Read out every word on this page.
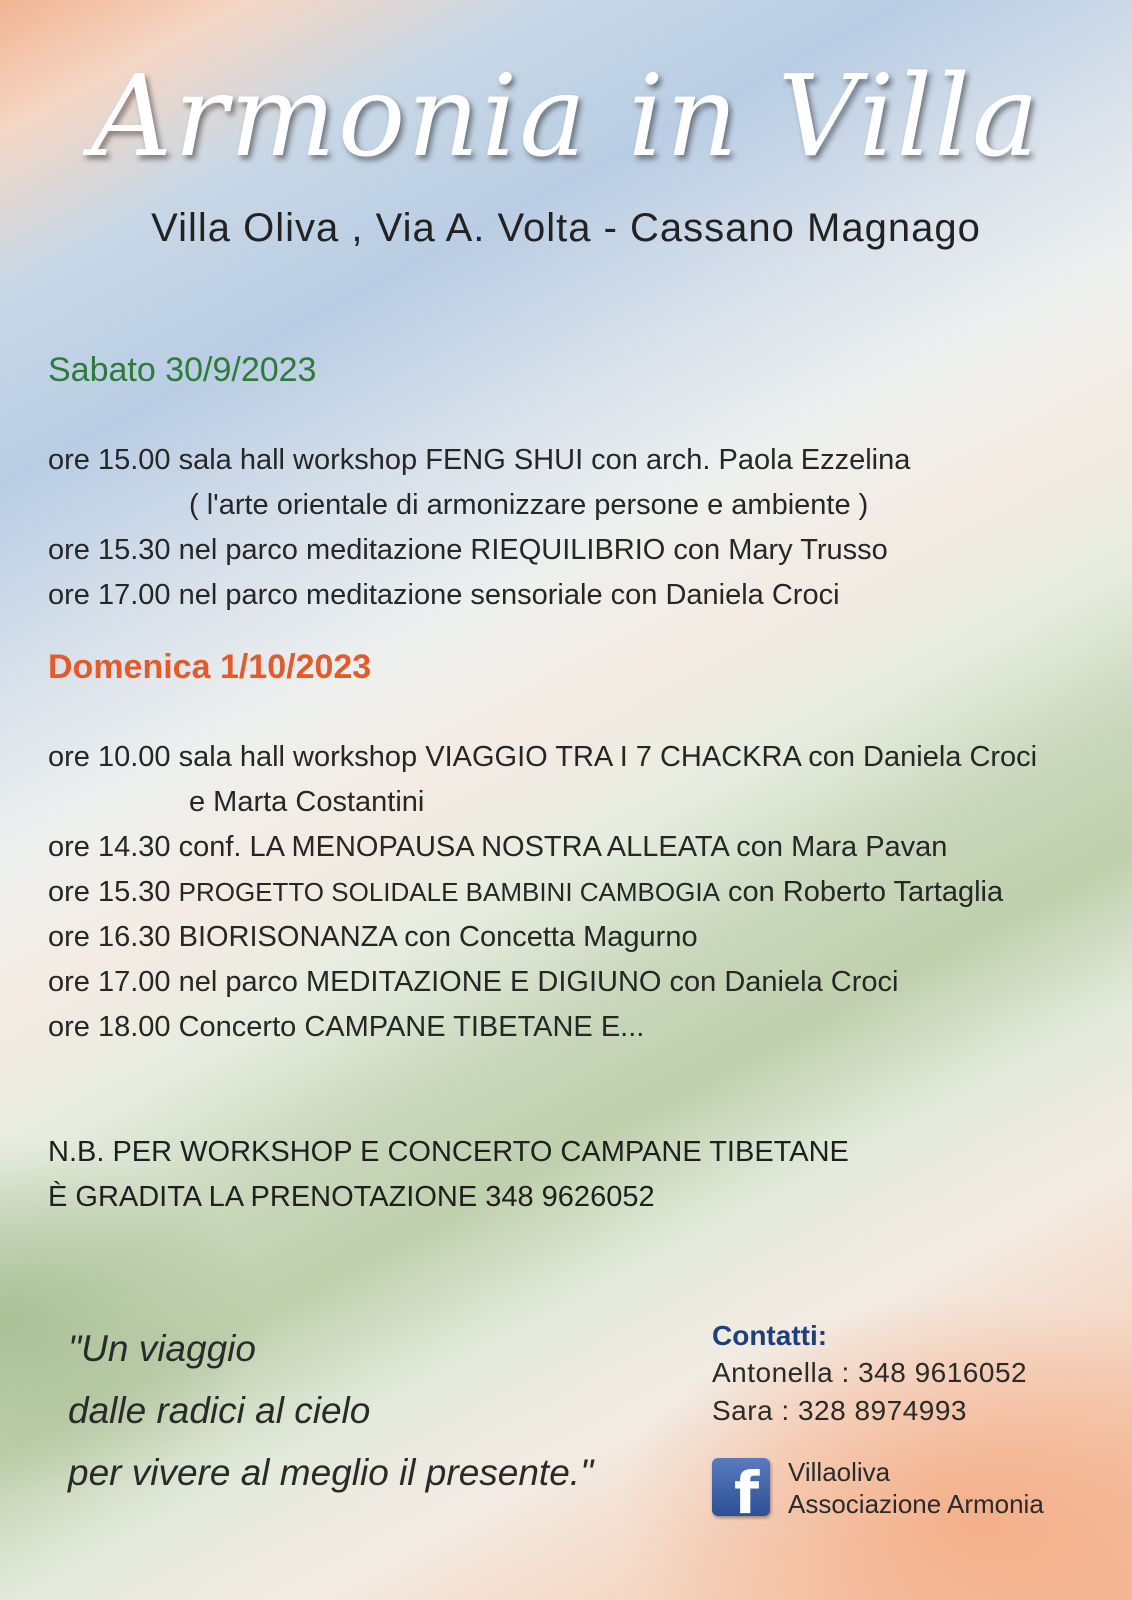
Armonia in Villa
Villa Oliva , Via A. Volta - Cassano Magnago
Sabato 30/9/2023
ore 15.00 sala hall workshop FENG SHUI con arch. Paola Ezzelina
( l'arte orientale di armonizzare persone e ambiente )
ore 15.30 nel parco meditazione RIEQUILIBRIO con Mary Trusso
ore 17.00 nel parco meditazione sensoriale con Daniela Croci
Domenica 1/10/2023
ore 10.00 sala hall workshop VIAGGIO TRA I 7 CHACKRA con Daniela Croci
e Marta Costantini
ore 14.30 conf. LA MENOPAUSA NOSTRA ALLEATA con Mara Pavan
ore 15.30 PROGETTO SOLIDALE BAMBINI CAMBOGIA con Roberto Tartaglia
ore 16.30 BIORISONANZA con Concetta Magurno
ore 17.00 nel parco MEDITAZIONE E DIGIUNO con Daniela Croci
ore 18.00 Concerto CAMPANE TIBETANE E...
N.B. PER WORKSHOP E CONCERTO CAMPANE TIBETANE
È GRADITA LA PRENOTAZIONE 348 9626052
"Un viaggio
dalle radici al cielo
per vivere al meglio il presente."
Contatti:
Antonella : 348 9616052
Sara : 328 8974993
f Villaoliva
Associazione Armonia
